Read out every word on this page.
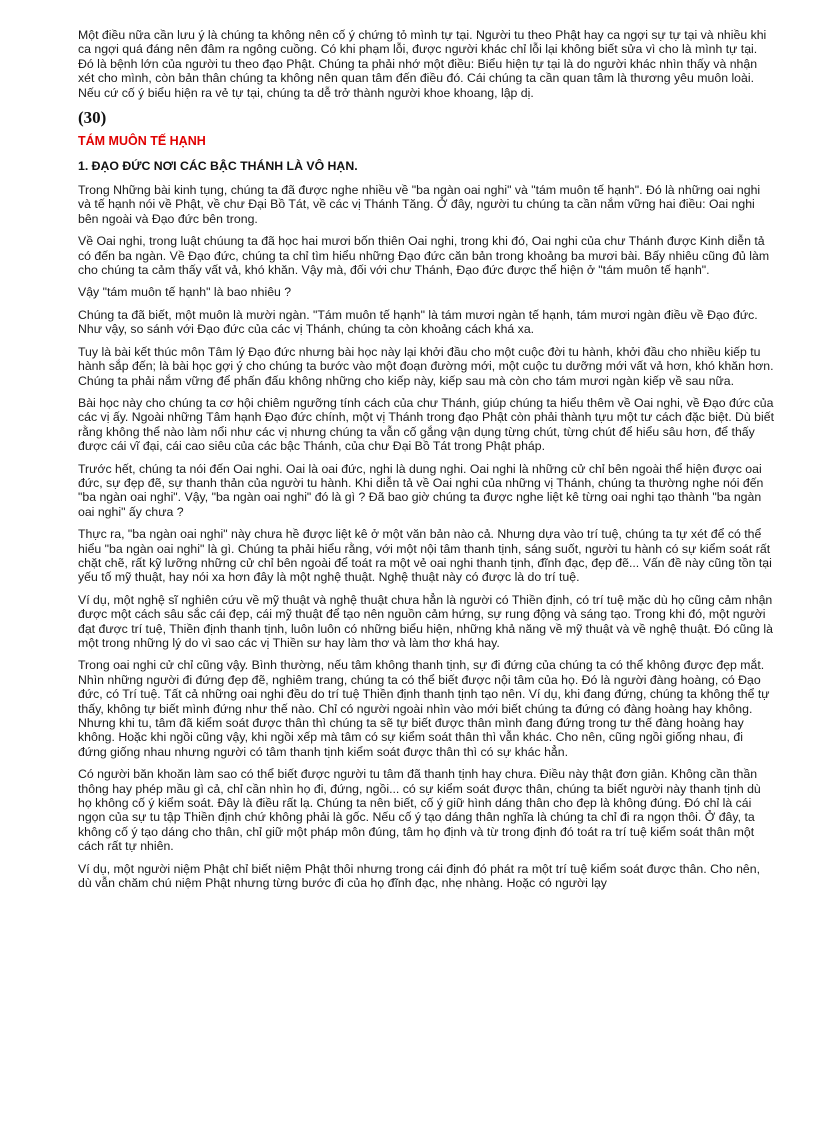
Một điều nữa cần lưu ý là chúng ta không nên cố ý chứng tỏ mình tự tại. Người tu theo Phật hay ca ngợi sự tự tại và nhiều khi ca ngợi quá đáng nên đâm ra ngông cuồng. Có khi phạm lỗi, được người khác chỉ lỗi lại không biết sửa vì cho là mình tự tại. Đó là bệnh lớn của người tu theo đạo Phật. Chúng ta phải nhớ một điều: Biểu hiện tự tại là do người khác nhìn thấy và nhận xét cho mình, còn bản thân chúng ta không nên quan tâm đến điều đó. Cái chúng ta cần quan tâm là thương yêu muôn loài. Nếu cứ cố ý biểu hiện ra vẻ tự tại, chúng ta dễ trở thành người khoe khoang, lập dị.

(30)
TÁM MUÔN TẾ HẠNH
1. ĐẠO ĐỨC NƠI CÁC BẬC THÁNH LÀ VÔ HẠN.

Trong Những bài kinh tụng, chúng ta đã được nghe nhiều về "ba ngàn oai nghi" và "tám muôn tế hạnh". Đó là những oai nghi và tế hạnh nói về Phật, về chư Đại Bồ Tát, về các vị Thánh Tăng. Ở đây, người tu chúng ta cần nắm vững hai điều: Oai nghi bên ngoài và Đạo đức bên trong.

Về Oai nghi, trong luật chúung ta đã học hai mươi bốn thiên Oai nghi, trong khi đó, Oai nghi của chư Thánh được Kinh diễn tả có đến ba ngàn. Về Đạo đức, chúng ta chỉ tìm hiểu những Đạo đức căn bản trong khoảng ba mươi bài. Bấy nhiêu cũng đủ làm cho chúng ta cảm thấy vất vả, khó khăn. Vậy mà, đối với chư Thánh, Đạo đức được thể hiện ở "tám muôn tế hạnh".

Vậy "tám muôn tế hạnh" là bao nhiêu ?

Chúng ta đã biết, một muôn là mười ngàn. "Tám muôn tế hạnh" là tám mươi ngàn tế hạnh, tám mươi ngàn điều về Đạo đức. Như vậy, so sánh với Đạo đức của các vị Thánh, chúng ta còn khoảng cách khá xa.

Tuy là bài kết thúc môn Tâm lý Đạo đức nhưng bài học này lại khởi đầu cho một cuộc đời tu hành, khởi đầu cho nhiều kiếp tu hành sắp đến; là bài học gợi ý cho chúng ta bước vào một đoạn đường mới, một cuộc tu dưỡng mới vất vả hơn, khó khăn hơn. Chúng ta phải nắm vững để phấn đấu không những cho kiếp này, kiếp sau mà còn cho tám mươi ngàn kiếp về sau nữa.

Bài học này cho chúng ta cơ hội chiêm ngưỡng tính cách của chư Thánh, giúp chúng ta hiểu thêm về Oai nghi, về Đạo đức của các vị ấy. Ngoài những Tâm hạnh Đạo đức chính, một vị Thánh trong đạo Phật còn phải thành tựu một tư cách đặc biệt. Dù biết rằng không thể nào làm nổi như các vị nhưng chúng ta vẫn cố gắng vận dụng từng chút, từng chút để hiểu sâu hơn, để thấy được cái vĩ đại, cái cao siêu của các bậc Thánh, của chư Đại Bồ Tát trong Phật pháp.

Trước hết, chúng ta nói đến Oai nghi. Oai là oai đức, nghi là dung nghi. Oai nghi là những cử chỉ bên ngoài thể hiện được oai đức, sự đẹp đẽ, sự thanh thản của người tu hành. Khi diễn tả về Oai nghi của những vị Thánh, chúng ta thường nghe nói đến "ba ngàn oai nghi". Vậy, "ba ngàn oai nghi" đó là gì ? Đã bao giờ chúng ta được nghe liệt kê từng oai nghi tạo thành "ba ngàn oai nghi" ấy chưa ?

Thực ra, "ba ngàn oai nghi" này chưa hề được liệt kê ở một văn bản nào cả. Nhưng dựa vào trí tuệ, chúng ta tự xét để có thể hiểu "ba ngàn oai nghi" là gì. Chúng ta phải hiểu rằng, với một nội tâm thanh tịnh, sáng suốt, người tu hành có sự kiểm soát rất chặt chẽ, rất kỹ lưỡng những cử chỉ bên ngoài để toát ra một vẻ oai nghi thanh tịnh, đĩnh đạc, đẹp đẽ... Vấn đề này cũng tồn tại yếu tố mỹ thuật, hay nói xa hơn đây là một nghệ thuật. Nghệ thuật này có được là do trí tuệ.

Ví dụ, một nghệ sĩ nghiên cứu về mỹ thuật và nghệ thuật chưa hẳn là người có Thiền định, có trí tuệ mặc dù họ cũng cảm nhận được một cách sâu sắc cái đẹp, cái mỹ thuật để tạo nên nguồn cảm hứng, sự rung động và sáng tạo. Trong khi đó, một người đạt được trí tuệ, Thiền định thanh tịnh, luôn luôn có những biểu hiện, những khả năng về mỹ thuật và về nghệ thuật. Đó cũng là một trong những lý do vì sao các vị Thiền sư hay làm thơ và làm thơ khá hay.

Trong oai nghi cử chỉ cũng vậy. Bình thường, nếu tâm không thanh tịnh, sự đi đứng của chúng ta có thể không được đẹp mắt. Nhìn những người đi đứng đẹp đẽ, nghiêm trang, chúng ta có thể biết được nội tâm của họ. Đó là người đàng hoàng, có Đạo đức, có Trí tuệ. Tất cả những oai nghi đều do trí tuệ Thiền định thanh tịnh tạo nên. Ví dụ, khi đang đứng, chúng ta không thể tự thấy, không tự biết mình đứng như thế nào. Chỉ có người ngoài nhìn vào mới biết chúng ta đứng có đàng hoàng hay không. Nhưng khi tu, tâm đã kiểm soát được thân thì chúng ta sẽ tự biết được thân mình đang đứng trong tư thế đàng hoàng hay không. Hoặc khi ngồi cũng vậy, khi ngồi xếp mà tâm có sự kiểm soát thân thì vẫn khác. Cho nên, cũng ngồi giống nhau, đi đứng giống nhau nhưng người có tâm thanh tịnh kiểm soát được thân thì có sự khác hẳn.

Có người băn khoăn làm sao có thể biết được người tu tâm đã thanh tịnh hay chưa. Điều này thật đơn giản. Không cần thần thông hay phép mầu gì cả, chỉ cần nhìn họ đi, đứng, ngồi... có sự kiểm soát được thân, chúng ta biết người này thanh tịnh dù họ không cố ý kiểm soát. Đây là điều rất lạ. Chúng ta nên biết, cố ý giữ hình dáng thân cho đẹp là không đúng. Đó chỉ là cái ngọn của sự tu tập Thiền định chứ không phải là gốc. Nếu cố ý tạo dáng thân nghĩa là chúng ta chỉ đi ra ngọn thôi. Ở đây, ta không cố ý tạo dáng cho thân, chỉ giữ một pháp môn đúng, tâm họ định và từ trong định đó toát ra trí tuệ kiểm soát thân một cách rất tự nhiên.

Ví dụ, một người niệm Phật chỉ biết niệm Phật thôi nhưng trong cái định đó phát ra một trí tuệ kiểm soát được thân. Cho nên, dù vẫn chăm chú niệm Phật nhưng từng bước đi của họ đĩnh đạc, nhẹ nhàng. Hoặc có người lạy
